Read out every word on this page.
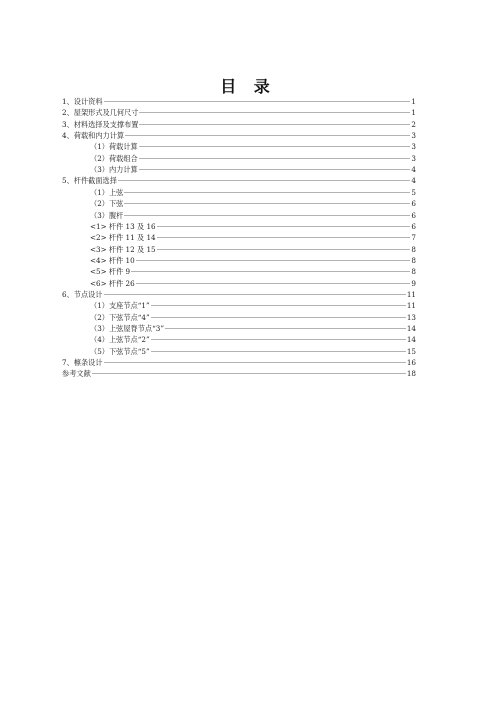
目 录
1、设计资料	1
2、屋架形式及几何尺寸	1
3、材料选择及支撑布置	2
4、荷载和内力计算	3
（1）荷载计算	3
（2）荷载组合	3
（3）内力计算	4
5、杆件截面选择	4
（1）上弦	5
（2）下弦	6
（3）腹杆	6
<1> 杆件 13 及 16	6
<2> 杆件 11 及 14	7
<3> 杆件 12 及 15	8
<4> 杆件 10	8
<5> 杆件 9	8
<6> 杆件 26	9
6、节点设计	11
（1）支座节点“1”	11
（2）下弦节点“4”	13
（3）上弦屋脊节点“3”	14
（4）上弦节点“2”	14
（5）下弦节点“5”	15
7、檩条设计	16
参考文献	18
